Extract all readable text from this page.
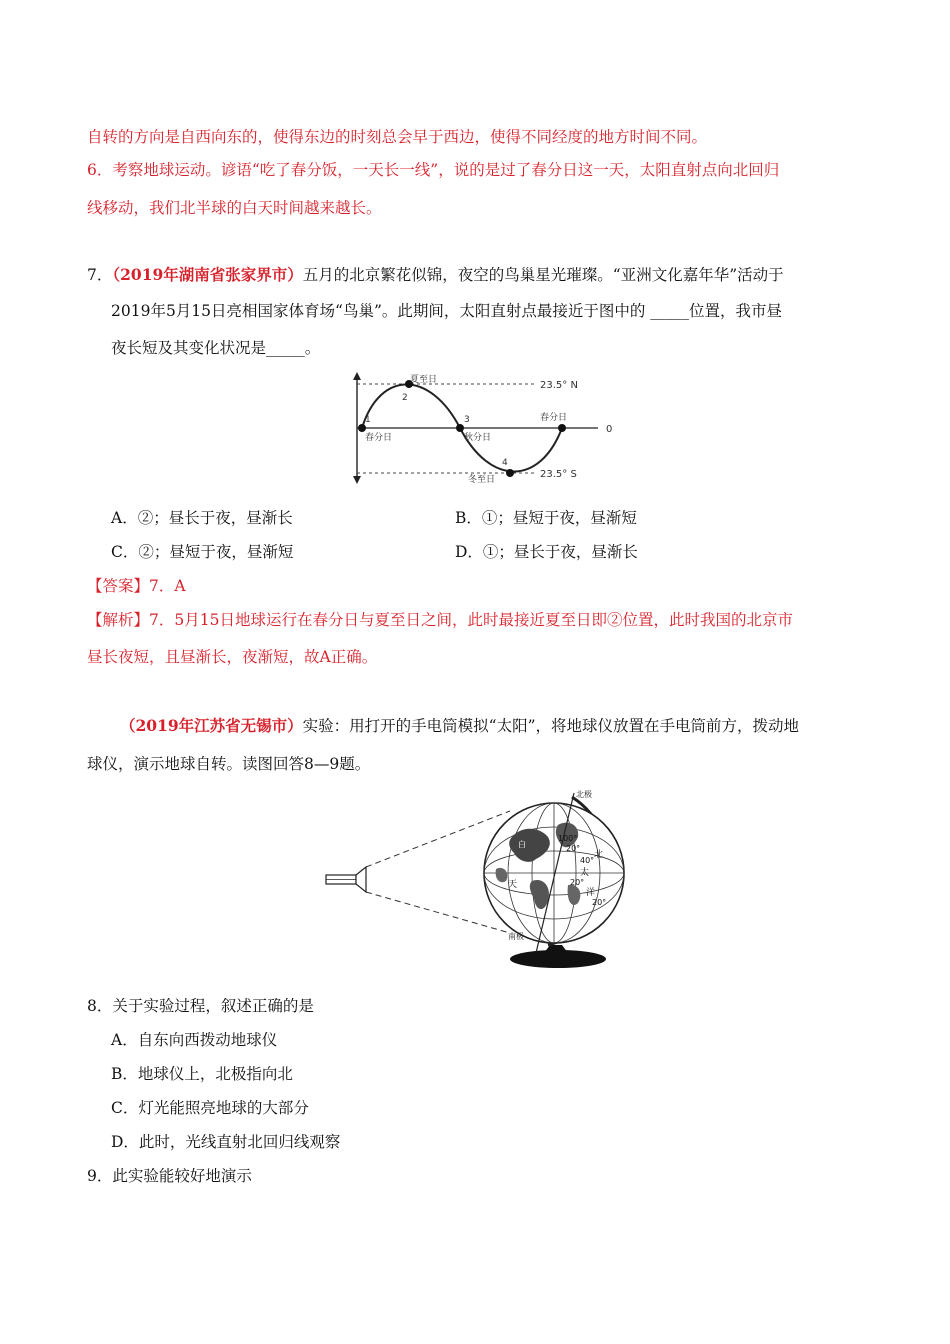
自转的方向是自西向东的，使得东边的时刻总会早于西边，使得不同经度的地方时间不同。
6．考察地球运动。谚语“吃了春分饭，一天长一线”，说的是过了春分日这一天，太阳直射点向北回归
线移动，我们北半球的白天时间越来越长。
7．（2019年湖南省张家界市）五月的北京繁花似锦，夜空的鸟巢星光璀璨。“亚洲文化嘉年华”活动于
2019年5月15日亮相国家体育场“鸟巢”。此期间，太阳直射点最接近于图中的 _____位置，我市昼
夜长短及其变化状况是_____。
夏至日
2
1
春分日
3
秋分日
4
冬至日
春分日
23.5° N
0
23.5° S
A．②；昼长于夜，昼渐长	B．①；昼短于夜，昼渐短
C．②；昼短于夜，昼渐短	D．①；昼长于夜，昼渐长
【答案】7．A
【解析】7．5月15日地球运行在春分日与夏至日之间，此时最接近夏至日即②位置，此时我国的北京市
昼长夜短，且昼渐长，夜渐短，故A正确。
（2019年江苏省无锡市）实验：用打开的手电筒模拟“太阳”，将地球仪放置在手电筒前方，拨动地
球仪，演示地球自转。读图回答8—9题。
北极
南极
100°
40°
20°
20°
20°
北
太
洋
天
白
8．关于实验过程，叙述正确的是
A．自东向西拨动地球仪
B．地球仪上，北极指向北
C．灯光能照亮地球的大部分
D．此时，光线直射北回归线观察
9．此实验能较好地演示
